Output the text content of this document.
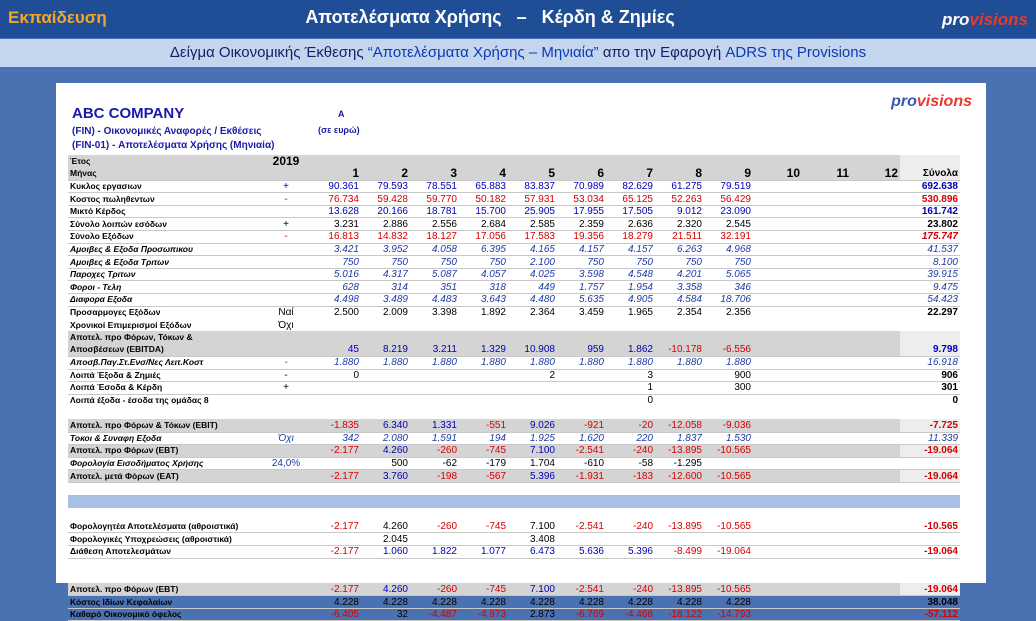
Εκπαίδευση	Αποτελέσματα Χρήσης   –   Κέρδη & Ζημίες	provisions
Δείγμα Οικονομικής Έκθεσης “Αποτελέσματα Χρήσης – Μηνιαία” απο την Εφαρογή ADRS της Provisions
provisions
ABC COMPANY	A
(σε ευρώ)
(FIN) - Οικονομικές Αναφορές / Εκθέσεις
(FIN-01) - Αποτελέσματα Χρήσης (Μηνιαία)
Έτος	2019													
Μήνας		1	2	3	4	5	6	7	8	9	10	11	12	Σύνολα
Κυκλος εργασιων	+	90.361	79.593	78.551	65.883	83.837	70.989	82.629	61.275	79.519				692.638
Κοστος πωληθεντων	-	76.734	59.428	59.770	50.182	57.931	53.034	65.125	52.263	56.429				530.896
Μικτό Κέρδος		13.628	20.166	18.781	15.700	25.905	17.955	17.505	9.012	23.090				161.742
Σύνολο λοιπών εσόδων	+	3.231	2.886	2.556	2.684	2.585	2.359	2.636	2.320	2.545				23.802
Σύνολο Εξόδων	-	16.813	14.832	18.127	17.056	17.583	19.356	18.279	21.511	32.191				175.747
Αμοιβες & Εξοδα Προσωπικου		3.421	3.952	4.058	6.395	4.165	4.157	4.157	6.263	4.968				41.537
Αμοιβες & Εξοδα Τριτων		750	750	750	750	2.100	750	750	750	750				8.100
Παροχες Τριτων		5.016	4.317	5.087	4.057	4.025	3.598	4.548	4.201	5.065				39.915
Φοροι - Τελη		628	314	351	318	449	1.757	1.954	3.358	346				9.475
Διαφορα Εξοδα		4.498	3.489	4.483	3.643	4.480	5.635	4.905	4.584	18.706				54.423
Προσαρμογες Εξόδων	Ναί	2.500	2.009	3.398	1.892	2.364	3.459	1.965	2.354	2.356				22.297
Χρονικοί Επιμερισμοί Εξόδων	Όχι													
Αποτελ. προ Φόρων, Τόκων &														
Αποσβέσεων (EBITDA)		45	8.219	3.211	1.329	10.908	959	1.862	-10.178	-6.556				9.798
Αποσβ.Παγ.Στ.Ενσ/Νες Λειτ.Κοστ	-	1.880	1.880	1.880	1.880	1.880	1.880	1.880	1.880	1.880				16.918
Λοιπά Έξοδα & Ζημιές	-	0				2		3		900				906
Λοιπά Έσοδα & Κέρδη	+							1		300				301
Λοιπά έξοδα - έσοδα της ομάδας 8								0						0

Αποτελ. προ Φόρων & Τόκων (EBIT)		-1.835	6.340	1.331	-551	9.026	-921	-20	-12.058	-9.036				-7.725
Τοκοι & Συναφη Εξοδα	Όχι	342	2.080	1.591	194	1.925	1.620	220	1.837	1.530				11.339
Αποτελ. προ Φόρων (EBT)		-2.177	4.260	-260	-745	7.100	-2.541	-240	-13.895	-10.565				-19.064
Φορολογία Εισοδήματος Χρήσης	24,0%		500	-62	-179	1.704	-610	-58	-1.295					
Αποτελ. μετά Φόρων (EAT)		-2.177	3.760	-198	-567	5.396	-1.931	-183	-12.600	-10.565				-19.064

Φορολογητέα Αποτελέσματα (αθροιστικά)		-2.177	4.260	-260	-745	7.100	-2.541	-240	-13.895	-10.565				-10.565
Φορολογικές Υποχρεώσεις (αθροιστικά)			2.045			3.408								
Διάθεση Αποτελεσμάτων		-2.177	1.060	1.822	1.077	6.473	5.636	5.396	-8.499	-19.064				-19.064

Αποτελ. προ Φόρων (EBT)		-2.177	4.260	-260	-745	7.100	-2.541	-240	-13.895	-10.565				-19.064
Κόστος Ιδίων Κεφαλαίων		4.228	4.228	4.228	4.228	4.228	4.228	4.228	4.228	4.228				38.048
Καθαρό Οικονομικό όφελος		-6.405	32	-4.487	-4.973	2.873	-6.769	-4.468	-18.122	-14.793				-57.112
